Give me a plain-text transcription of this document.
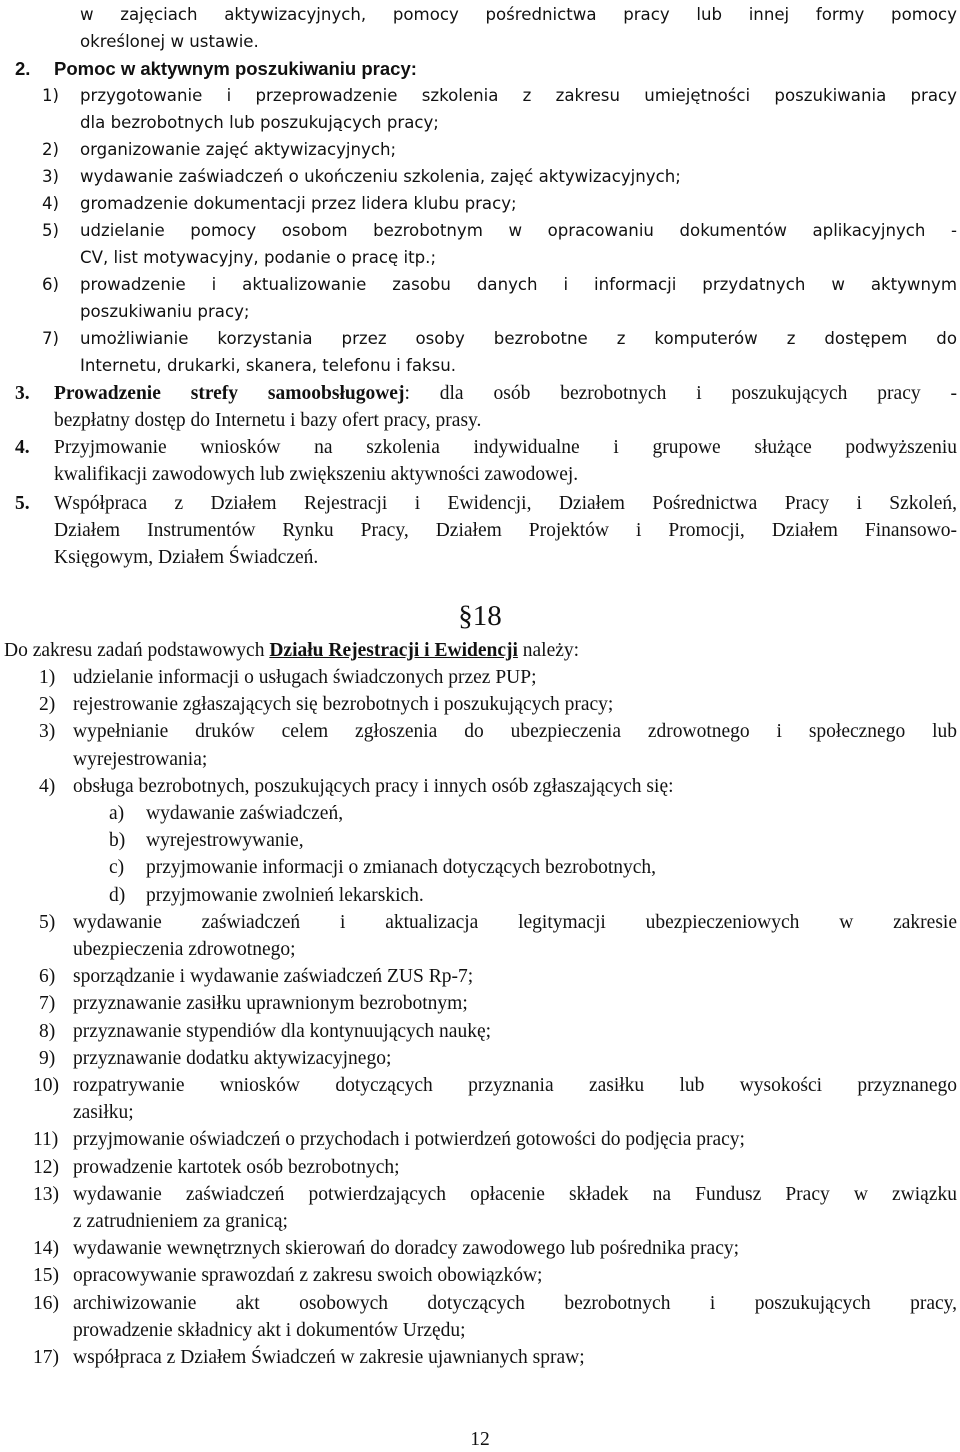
w zajęciach aktywizacyjnych, pomocy pośrednictwa pracy lub innej formy pomocy
określonej w ustawie.
2. Pomoc w aktywnym poszukiwaniu pracy:
1) przygotowanie i przeprowadzenie szkolenia z zakresu umiejętności poszukiwania pracy
dla bezrobotnych lub poszukujących pracy;
2) organizowanie zajęć aktywizacyjnych;
3) wydawanie zaświadczeń o ukończeniu szkolenia, zajęć aktywizacyjnych;
4) gromadzenie dokumentacji przez lidera klubu pracy;
5) udzielanie pomocy osobom bezrobotnym w opracowaniu dokumentów aplikacyjnych -
CV, list motywacyjny, podanie o pracę itp.;
6) prowadzenie i aktualizowanie zasobu danych i informacji przydatnych w aktywnym
poszukiwaniu pracy;
7) umożliwianie korzystania przez osoby bezrobotne z komputerów z dostępem do
Internetu, drukarki, skanera, telefonu i faksu.
3. Prowadzenie strefy samoobsługowej: dla osób bezrobotnych i poszukujących pracy -
bezpłatny dostęp do Internetu i bazy ofert pracy, prasy.
4. Przyjmowanie wniosków na szkolenia indywidualne i grupowe służące podwyższeniu
kwalifikacji zawodowych lub zwiększeniu aktywności zawodowej.
5. Współpraca z Działem Rejestracji i Ewidencji, Działem Pośrednictwa Pracy i Szkoleń,
Działem Instrumentów Rynku Pracy, Działem Projektów i Promocji, Działem Finansowo-
Księgowym, Działem Świadczeń.
§18
Do zakresu zadań podstawowych Działu Rejestracji i Ewidencji należy:
1) udzielanie informacji o usługach świadczonych przez PUP;
2) rejestrowanie zgłaszających się bezrobotnych i poszukujących pracy;
3) wypełnianie druków celem zgłoszenia do ubezpieczenia zdrowotnego i społecznego lub
wyrejestrowania;
4) obsługa bezrobotnych, poszukujących pracy i innych osób zgłaszających się:
a) wydawanie zaświadczeń,
b) wyrejestrowywanie,
c) przyjmowanie informacji o zmianach dotyczących bezrobotnych,
d) przyjmowanie zwolnień lekarskich.
5) wydawanie zaświadczeń i aktualizacja legitymacji ubezpieczeniowych w zakresie
ubezpieczenia zdrowotnego;
6) sporządzanie i wydawanie zaświadczeń ZUS Rp-7;
7) przyznawanie zasiłku uprawnionym bezrobotnym;
8) przyznawanie stypendiów dla kontynuujących naukę;
9) przyznawanie dodatku aktywizacyjnego;
10) rozpatrywanie wniosków dotyczących przyznania zasiłku lub wysokości przyznanego
zasiłku;
11) przyjmowanie oświadczeń o przychodach i potwierdzeń gotowości do podjęcia pracy;
12) prowadzenie kartotek osób bezrobotnych;
13) wydawanie zaświadczeń potwierdzających opłacenie składek na Fundusz Pracy w związku
z zatrudnieniem za granicą;
14) wydawanie wewnętrznych skierowań do doradcy zawodowego lub pośrednika pracy;
15) opracowywanie sprawozdań z zakresu swoich obowiązków;
16) archiwizowanie akt osobowych dotyczących bezrobotnych i poszukujących pracy,
prowadzenie składnicy akt i dokumentów Urzędu;
17) współpraca z Działem Świadczeń w zakresie ujawnianych spraw;
12
